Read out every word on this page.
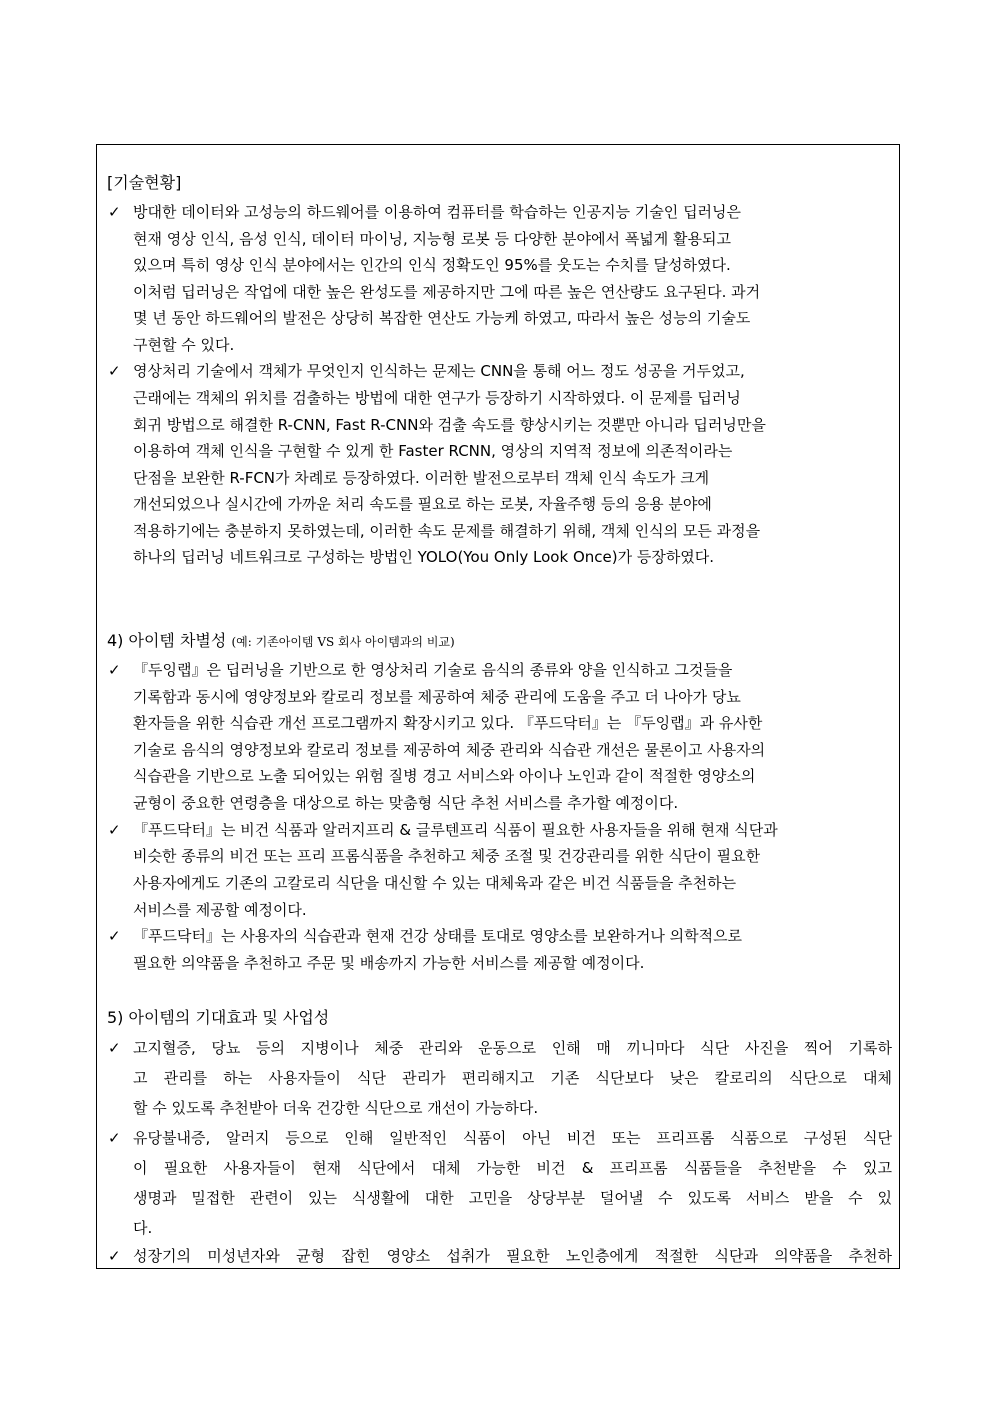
[기술현황]
✓ 방대한 데이터와 고성능의 하드웨어를 이용하여 컴퓨터를 학습하는 인공지능 기술인 딥러닝은
현재 영상 인식, 음성 인식, 데이터 마이닝, 지능형 로봇 등 다양한 분야에서 폭넓게 활용되고
있으며 특히 영상 인식 분야에서는 인간의 인식 정확도인 95%를 웃도는 수치를 달성하였다.
이처럼 딥러닝은 작업에 대한 높은 완성도를 제공하지만 그에 따른 높은 연산량도 요구된다. 과거
몇 년 동안 하드웨어의 발전은 상당히 복잡한 연산도 가능케 하였고, 따라서 높은 성능의 기술도
구현할 수 있다.
✓ 영상처리 기술에서 객체가 무엇인지 인식하는 문제는 CNN을 통해 어느 정도 성공을 거두었고,
근래에는 객체의 위치를 검출하는 방법에 대한 연구가 등장하기 시작하였다. 이 문제를 딥러닝
회귀 방법으로 해결한 R-CNN, Fast R-CNN와 검출 속도를 향상시키는 것뿐만 아니라 딥러닝만을
이용하여 객체 인식을 구현할 수 있게 한 Faster RCNN, 영상의 지역적 정보에 의존적이라는
단점을 보완한 R-FCN가 차례로 등장하였다. 이러한 발전으로부터 객체 인식 속도가 크게
개선되었으나 실시간에 가까운 처리 속도를 필요로 하는 로봇, 자율주행 등의 응용 분야에
적용하기에는 충분하지 못하였는데, 이러한 속도 문제를 해결하기 위해, 객체 인식의 모든 과정을
하나의 딥러닝 네트워크로 구성하는 방법인 YOLO(You Only Look Once)가 등장하였다.
4) 아이템 차별성 (예: 기존아이템 VS 회사 아이템과의 비교)
✓ 『두잉랩』은 딥러닝을 기반으로 한 영상처리 기술로 음식의 종류와 양을 인식하고 그것들을
기록함과 동시에 영양정보와 칼로리 정보를 제공하여 체중 관리에 도움을 주고 더 나아가 당뇨
환자들을 위한 식습관 개선 프로그램까지 확장시키고 있다. 『푸드닥터』는 『두잉랩』과 유사한
기술로 음식의 영양정보와 칼로리 정보를 제공하여 체중 관리와 식습관 개선은 물론이고 사용자의
식습관을 기반으로 노출 되어있는 위험 질병 경고 서비스와 아이나 노인과 같이 적절한 영양소의
균형이 중요한 연령층을 대상으로 하는 맞춤형 식단 추천 서비스를 추가할 예정이다.
✓ 『푸드닥터』는 비건 식품과 알러지프리 & 글루텐프리 식품이 필요한 사용자들을 위해 현재 식단과
비슷한 종류의 비건 또는 프리 프롬식품을 추천하고 체중 조절 및 건강관리를 위한 식단이 필요한
사용자에게도 기존의 고칼로리 식단을 대신할 수 있는 대체육과 같은 비건 식품들을 추천하는
서비스를 제공할 예정이다.
✓ 『푸드닥터』는 사용자의 식습관과 현재 건강 상태를 토대로 영양소를 보완하거나 의학적으로
필요한 의약품을 추천하고 주문 및 배송까지 가능한 서비스를 제공할 예정이다.
5) 아이템의 기대효과 및 사업성
✓ 고지혈증, 당뇨 등의 지병이나 체중 관리와 운동으로 인해 매 끼니마다 식단 사진을 찍어 기록하
고 관리를 하는 사용자들이 식단 관리가 편리해지고 기존 식단보다 낮은 칼로리의 식단으로 대체
할 수 있도록 추천받아 더욱 건강한 식단으로 개선이 가능하다.
✓ 유당불내증, 알러지 등으로 인해 일반적인 식품이 아닌 비건 또는 프리프롬 식품으로 구성된 식단
이 필요한 사용자들이 현재 식단에서 대체 가능한 비건 & 프리프롬 식품들을 추천받을 수 있고
생명과 밀접한 관련이 있는 식생활에 대한 고민을 상당부분 덜어낼 수 있도록 서비스 받을 수 있
다.
✓ 성장기의 미성년자와 균형 잡힌 영양소 섭취가 필요한 노인층에게 적절한 식단과 의약품을 추천하
